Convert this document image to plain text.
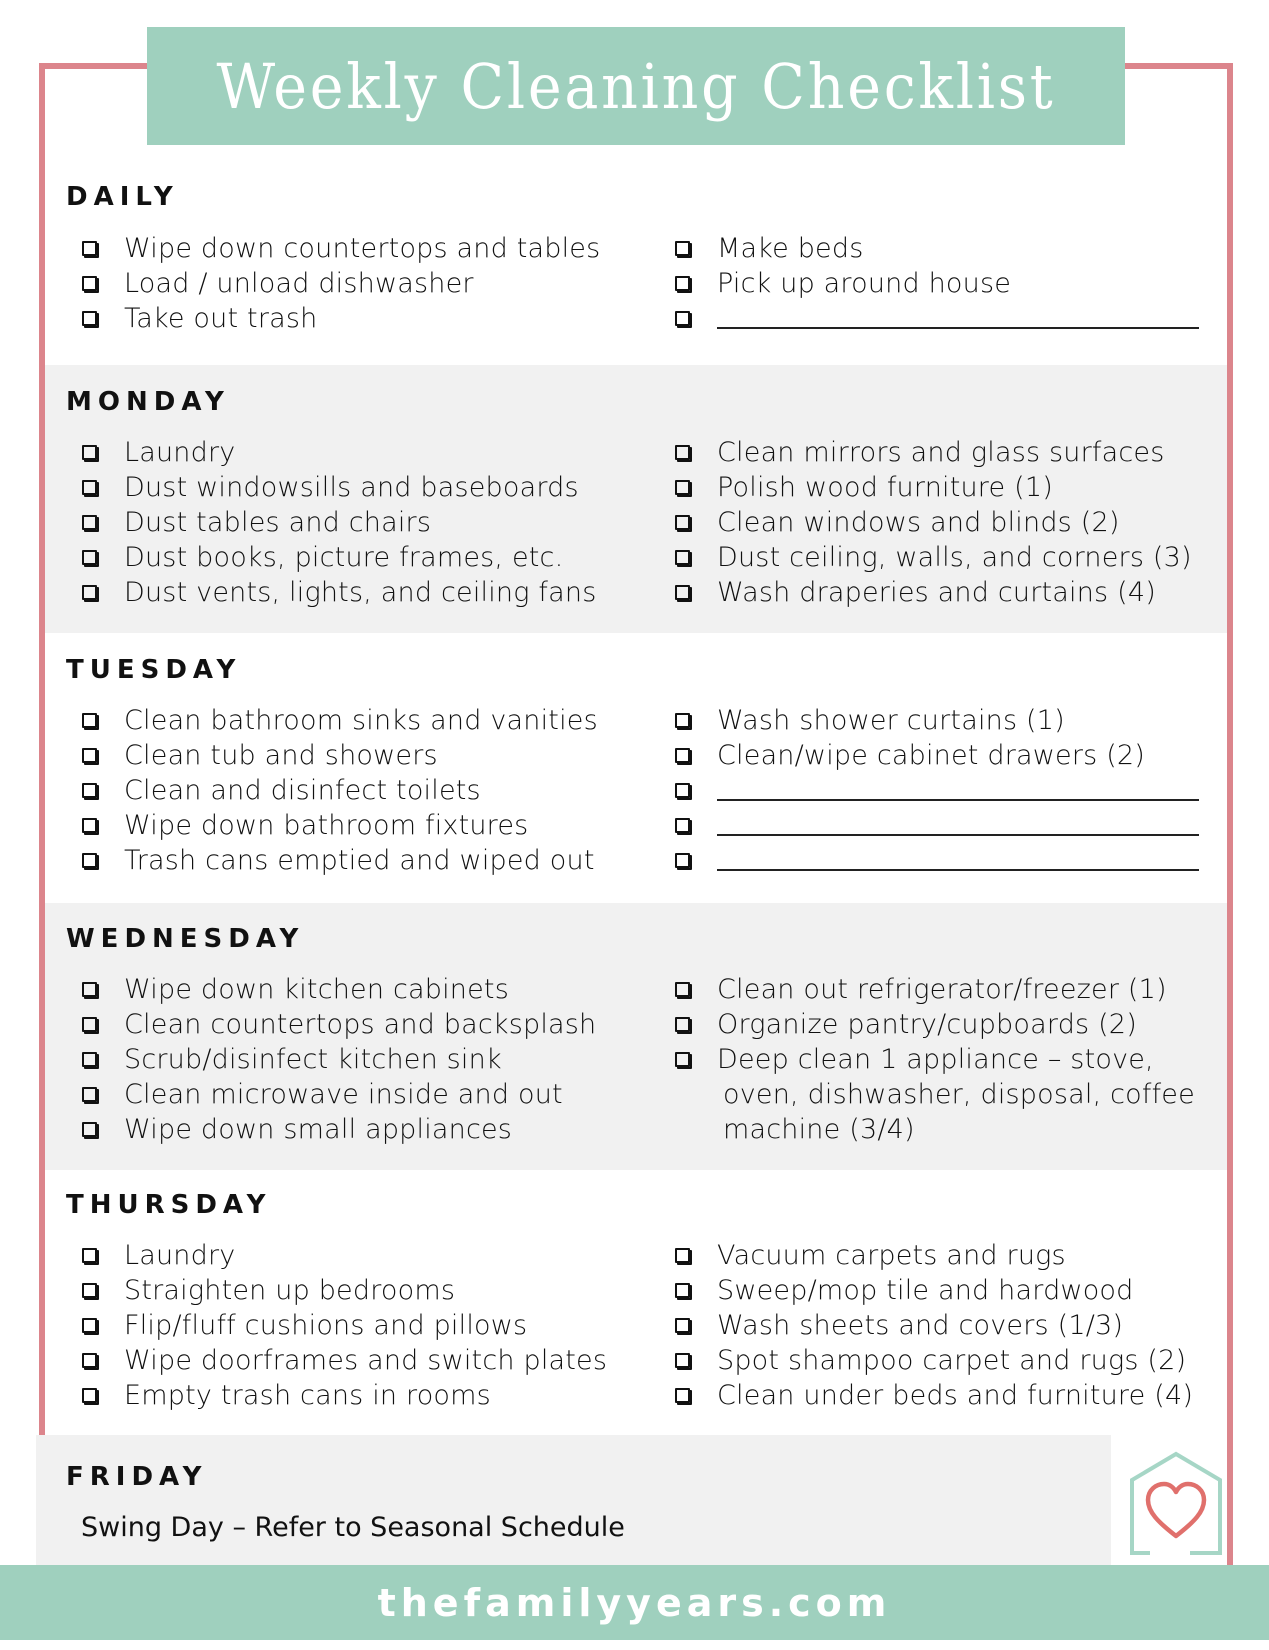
Weekly Cleaning Checklist
DAILY
Wipe down countertops and tables
Load / unload dishwasher
Take out trash
Make beds
Pick up around house
MONDAY
Laundry
Dust windowsills and baseboards
Dust tables and chairs
Dust books, picture frames, etc.
Dust vents, lights, and ceiling fans
Clean mirrors and glass surfaces
Polish wood furniture (1)
Clean windows and blinds (2)
Dust ceiling, walls, and corners (3)
Wash draperies and curtains (4)
TUESDAY
Clean bathroom sinks and vanities
Clean tub and showers
Clean and disinfect toilets
Wipe down bathroom fixtures
Trash cans emptied and wiped out
Wash shower curtains (1)
Clean/wipe cabinet drawers (2)
WEDNESDAY
Wipe down kitchen cabinets
Clean countertops and backsplash
Scrub/disinfect kitchen sink
Clean microwave inside and out
Wipe down small appliances
Clean out refrigerator/freezer (1)
Organize pantry/cupboards (2)
Deep clean 1 appliance – stove,
oven, dishwasher, disposal, coffee
machine (3/4)
THURSDAY
Laundry
Straighten up bedrooms
Flip/fluff cushions and pillows
Wipe doorframes and switch plates
Empty trash cans in rooms
Vacuum carpets and rugs
Sweep/mop tile and hardwood
Wash sheets and covers (1/3)
Spot shampoo carpet and rugs (2)
Clean under beds and furniture (4)
FRIDAY
Swing Day – Refer to Seasonal Schedule
thefamilyyears.com
